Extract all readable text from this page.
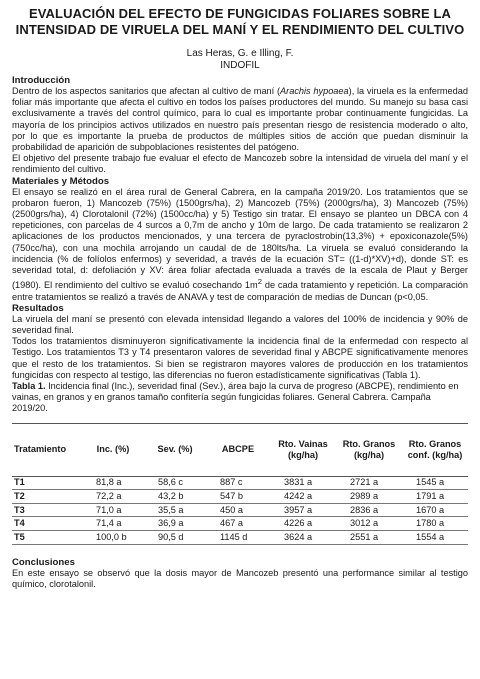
EVALUACIÓN DEL EFECTO DE FUNGICIDAS FOLIARES SOBRE LA INTENSIDAD DE VIRUELA DEL MANÍ Y EL RENDIMIENTO DEL CULTIVO
Las Heras, G. e Illing, F.
INDOFIL
Introducción

Dentro de los aspectos sanitarios que afectan al cultivo de maní (Arachis hypoaea), la viruela es la enfermedad foliar más importante que afecta el cultivo en todos los países productores del mundo. Su manejo su basa casi exclusivamente a través del control químico, para lo cual es importante probar continuamente fungicidas. La mayoría de los principios activos utilizados en nuestro país presentan riesgo de resistencia moderado o alto, por lo que es importante la prueba de productos de múltiples sitios de acción que puedan disminuir la probabilidad de aparición de subpoblaciones resistentes del patógeno.

El objetivo del presente trabajo fue evaluar el efecto de Mancozeb sobre la intensidad de viruela del maní y el rendimiento del cultivo.

Materiales y Métodos

El ensayo se realizó en el área rural de General Cabrera, en la campaña 2019/20. Los tratamientos que se probaron fueron, 1) Mancozeb (75%) (1500grs/ha), 2) Mancozeb (75%) (2000grs/ha), 3) Mancozeb (75%) (2500grs/ha), 4) Clorotalonil (72%) (1500cc/ha) y 5) Testigo sin tratar. El ensayo se planteo un DBCA con 4 repeticiones, con parcelas de 4 surcos a 0,7m de ancho y 10m de largo. De cada tratamiento se realizaron 2 aplicaciones de los productos mencionados, y una tercera de pyraclostrobin(13,3%) + epoxiconazole(5%) (750cc/ha), con una mochila arrojando un caudal de de 180lts/ha. La viruela se evaluó considerando la incidencia (% de folíolos enfermos) y severidad, a través de la ecuación ST= ((1-d)*XV)+d), donde ST: es severidad total, d: defoliación y XV: área foliar afectada evaluada a través de la escala de Plaut y Berger (1980). El rendimiento del cultivo se evaluó cosechando $1m^2$ de cada tratamiento y repetición. La comparación entre tratamientos se realizó a través de ANAVA y test de comparación de medias de Duncan (p<0,05.

Resultados

La viruela del maní se presentó con elevada intensidad llegando a valores del 100% de incidencia y 90% de severidad final.

Todos los tratamientos disminuyeron significativamente la incidencia final de la enfermedad con respecto al Testigo. Los tratamientos T3 y T4 presentaron valores de severidad final y ABCPE significativamente menores que el resto de los tratamientos. Si bien se registraron mayores valores de producción en los tratamientos fungicidas con respecto al testigo, las diferencias no fueron estadísticamente significativas (Tabla 1).

Tabla 1. Incidencia final (Inc.), severidad final (Sev.), área bajo la curva de progreso (ABCPE), rendimiento en vainas, en granos y en granos tamaño confitería según fungicidas foliares. General Cabrera. Campaña 2019/20.

Tratamiento	Inc. (%)	Sev. (%)	ABCPE	Rto. Vainas (kg/ha)	Rto. Granos (kg/ha)	Rto. Granos conf. (kg/ha)
T1	81,8 a	58,6 c	887 c	3831 a	2721 a	1545 a
T2	72,2 a	43,2 b	547 b	4242 a	2989 a	1791 a
T3	71,0 a	35,5 a	450 a	3957 a	2836 a	1670 a
T4	71,4 a	36,9 a	467 a	4226 a	3012 a	1780 a
T5	100,0 b	90,5 d	1145 d	3624 a	2551 a	1554 a
Conclusiones

En este ensayo se observó que la dosis mayor de Mancozeb presentó una performance similar al testigo químico, clorotalonil.
